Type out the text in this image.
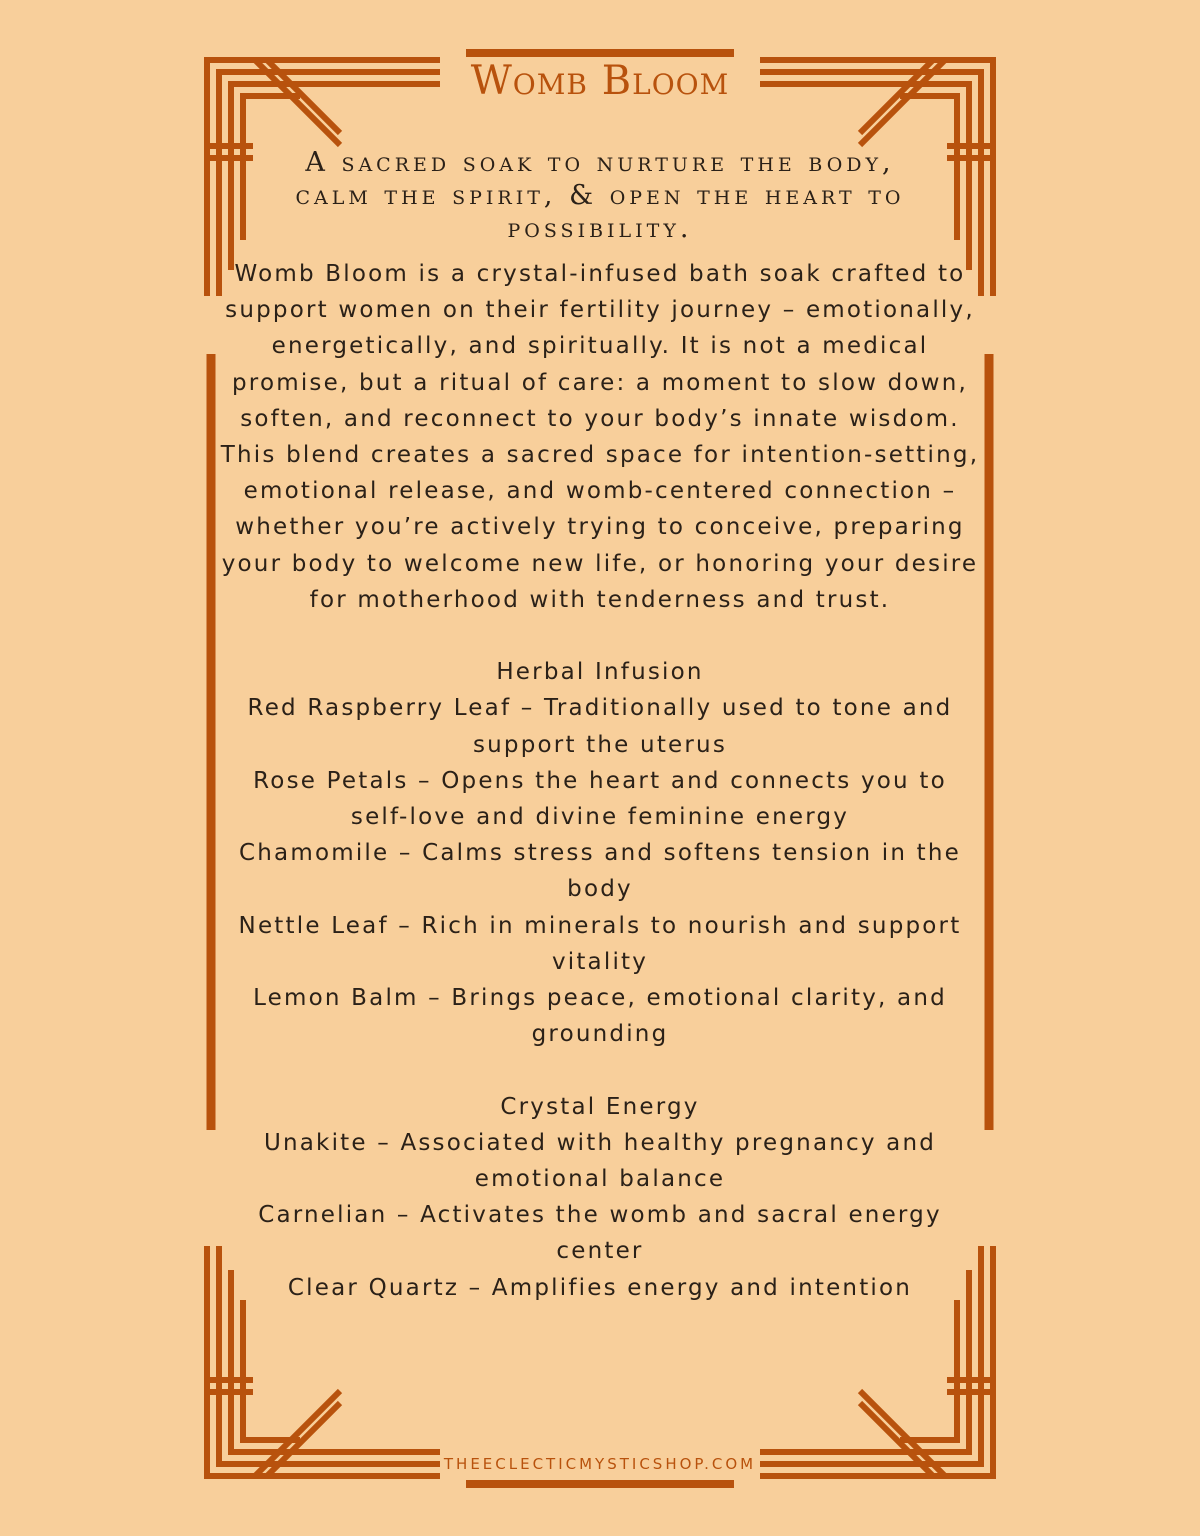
Womb Bloom
A sacred soak to nurture the body, calm the spirit, & open the heart to possibility.

Womb Bloom is a crystal-infused bath soak crafted to support women on their fertility journey – emotionally, energetically, and spiritually. It is not a medical promise, but a ritual of care: a moment to slow down, soften, and reconnect to your body’s innate wisdom. This blend creates a sacred space for intention-setting, emotional release, and womb-centered connection – whether you’re actively trying to conceive, preparing your body to welcome new life, or honoring your desire for motherhood with tenderness and trust.

Herbal Infusion

Red Raspberry Leaf – Traditionally used to tone and support the uterus

Rose Petals – Opens the heart and connects you to self-love and divine feminine energy

Chamomile – Calms stress and softens tension in the body

Nettle Leaf – Rich in minerals to nourish and support vitality

Lemon Balm – Brings peace, emotional clarity, and grounding

Crystal Energy

Unakite – Associated with healthy pregnancy and emotional balance

Carnelian – Activates the womb and sacral energy center

Clear Quartz – Amplifies energy and intention

THEECLECTICMYSTICSHOP.COM
